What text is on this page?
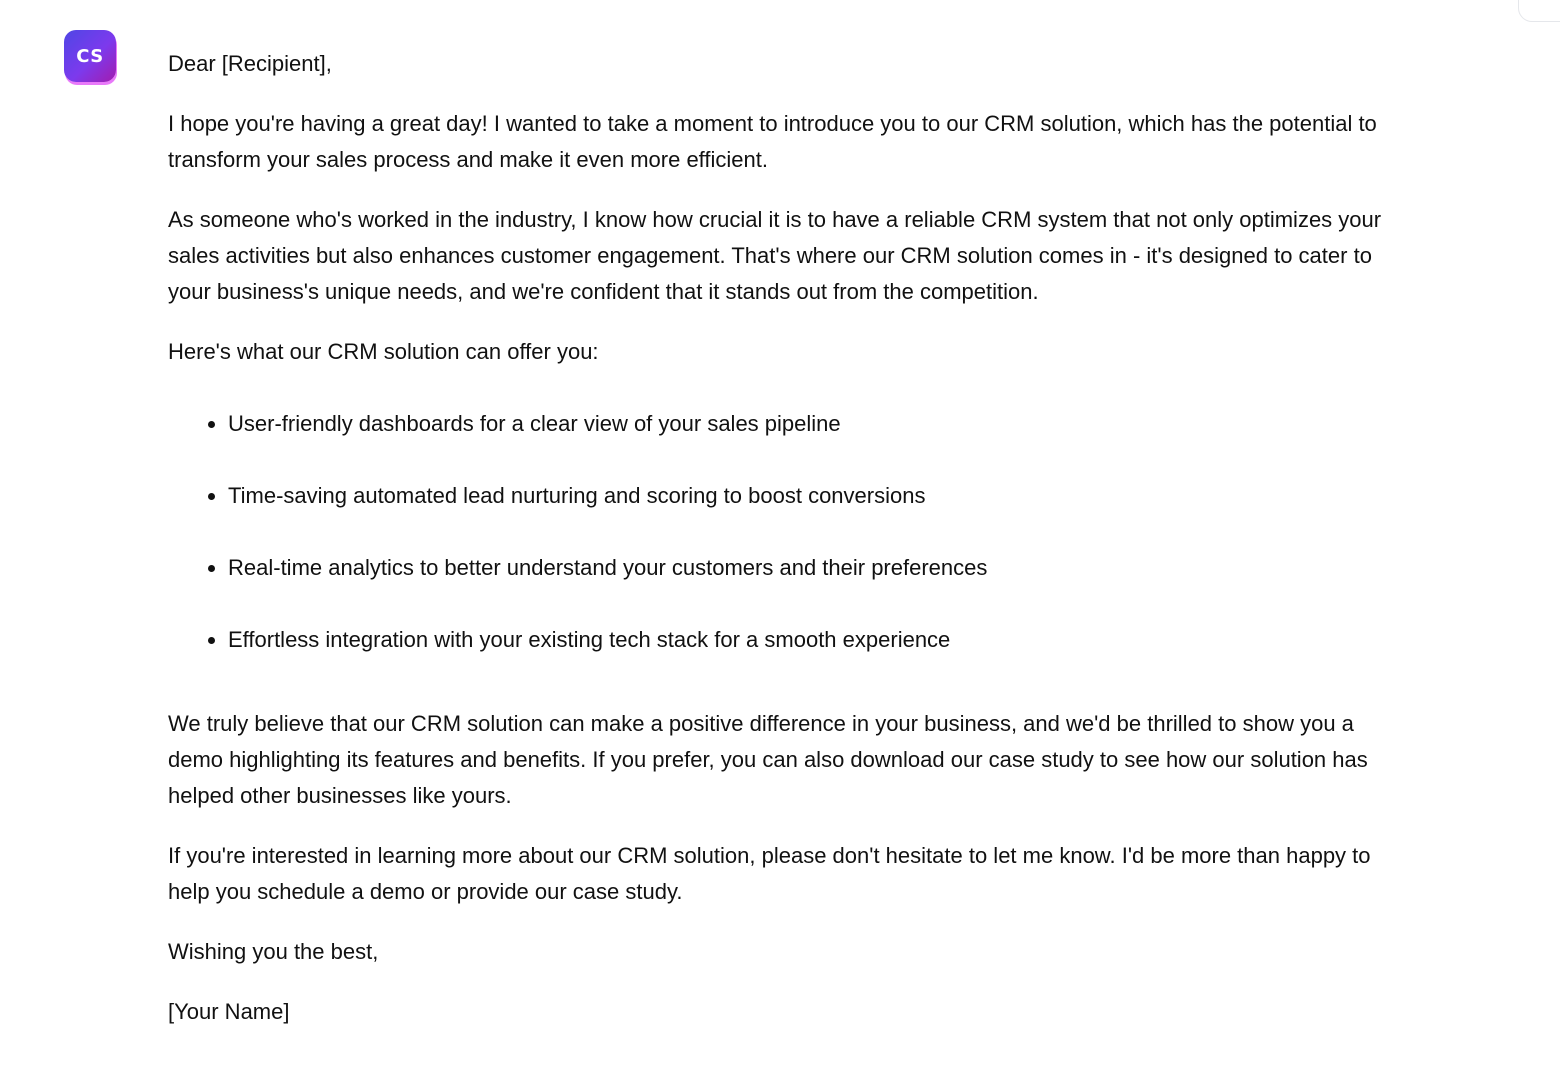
CS	Dear [Recipient],

I hope you're having a great day! I wanted to take a moment to introduce you to our CRM solution, which has the potential to transform your sales process and make it even more efficient.

As someone who's worked in the industry, I know how crucial it is to have a reliable CRM system that not only optimizes your sales activities but also enhances customer engagement. That's where our CRM solution comes in - it's designed to cater to your business's unique needs, and we're confident that it stands out from the competition.

Here's what our CRM solution can offer you:

• User-friendly dashboards for a clear view of your sales pipeline
• Time-saving automated lead nurturing and scoring to boost conversions
• Real-time analytics to better understand your customers and their preferences
• Effortless integration with your existing tech stack for a smooth experience

We truly believe that our CRM solution can make a positive difference in your business, and we'd be thrilled to show you a demo highlighting its features and benefits. If you prefer, you can also download our case study to see how our solution has helped other businesses like yours.

If you're interested in learning more about our CRM solution, please don't hesitate to let me know. I'd be more than happy to help you schedule a demo or provide our case study.

Wishing you the best,

[Your Name]
